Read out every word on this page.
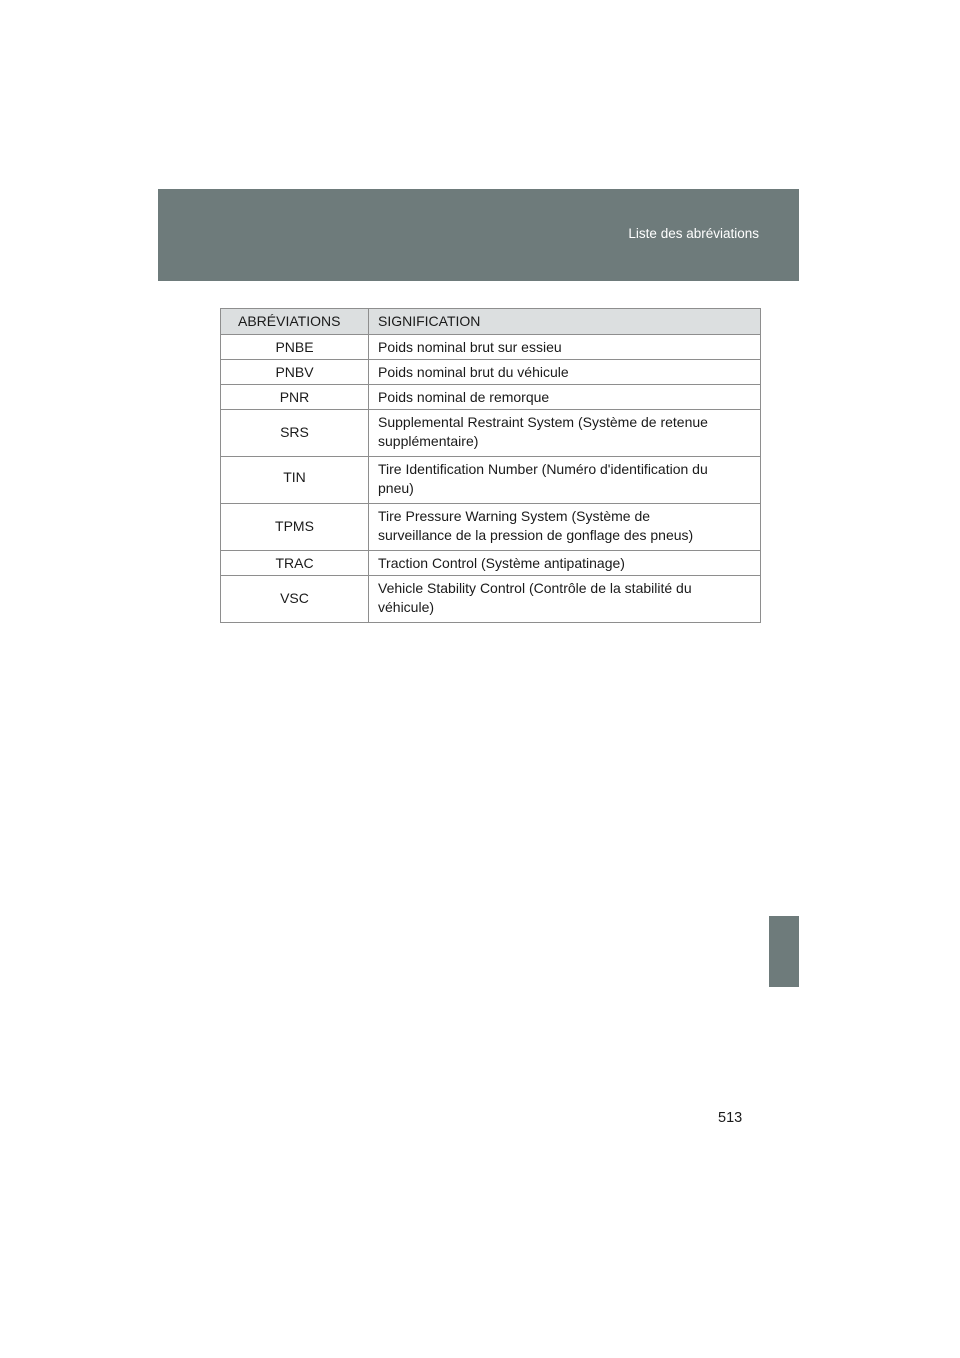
Liste des abréviations
ABRÉVIATIONS	SIGNIFICATION
PNBE	Poids nominal brut sur essieu
PNBV	Poids nominal brut du véhicule
PNR	Poids nominal de remorque
SRS	Supplemental Restraint System (Système de retenue
supplémentaire)

TIN	Tire Identification Number (Numéro d'identification du
pneu)

TPMS	Tire Pressure Warning System (Système de
surveillance de la pression de gonflage des pneus)

TRAC	Traction Control (Système antipatinage)
VSC	Vehicle Stability Control (Contrôle de la stabilité du
véhicule)
513
